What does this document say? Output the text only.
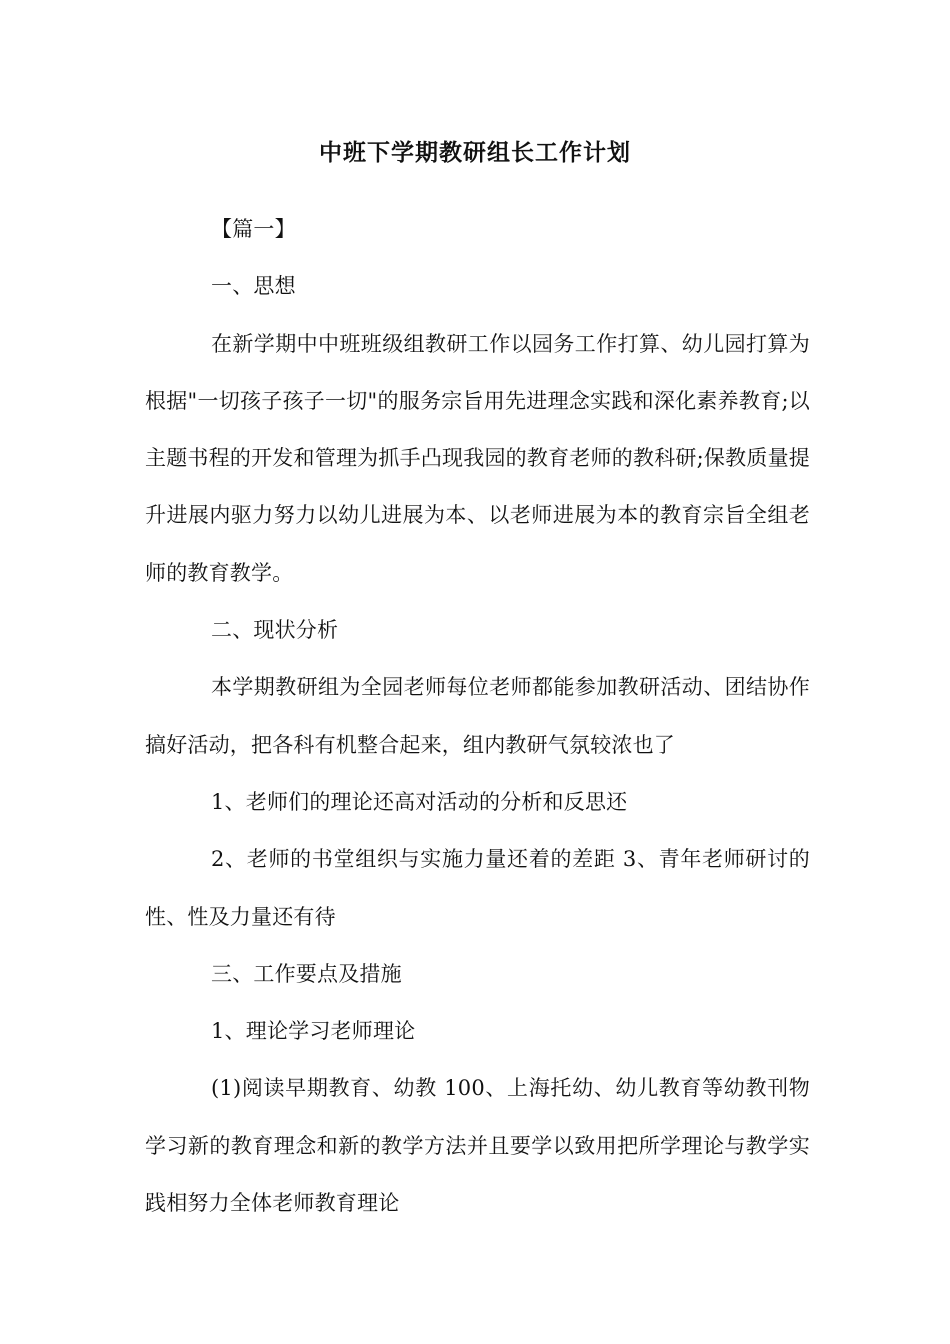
中班下学期教研组长工作计划

【篇一】

一、思想

在新学期中中班班级组教研工作以园务工作打算、幼儿园打算为根据"一切孩子孩子一切"的服务宗旨用先进理念实践和深化素养教育;以主题书程的开发和管理为抓手凸现我园的教育老师的教科研;保教质量提升进展内驱力努力以幼儿进展为本、以老师进展为本的教育宗旨全组老师的教育教学。

二、现状分析

本学期教研组为全园老师每位老师都能参加教研活动、团结协作搞好活动，把各科有机整合起来，组内教研气氛较浓也了

1、老师们的理论还高对活动的分析和反思还

2、老师的书堂组织与实施力量还着的差距 3、青年老师研讨的性、性及力量还有待

三、工作要点及措施

1、理论学习老师理论

(1)阅读早期教育、幼教 100、上海托幼、幼儿教育等幼教刊物学习新的教育理念和新的教学方法并且要学以致用把所学理论与教学实践相努力全体老师教育理论
